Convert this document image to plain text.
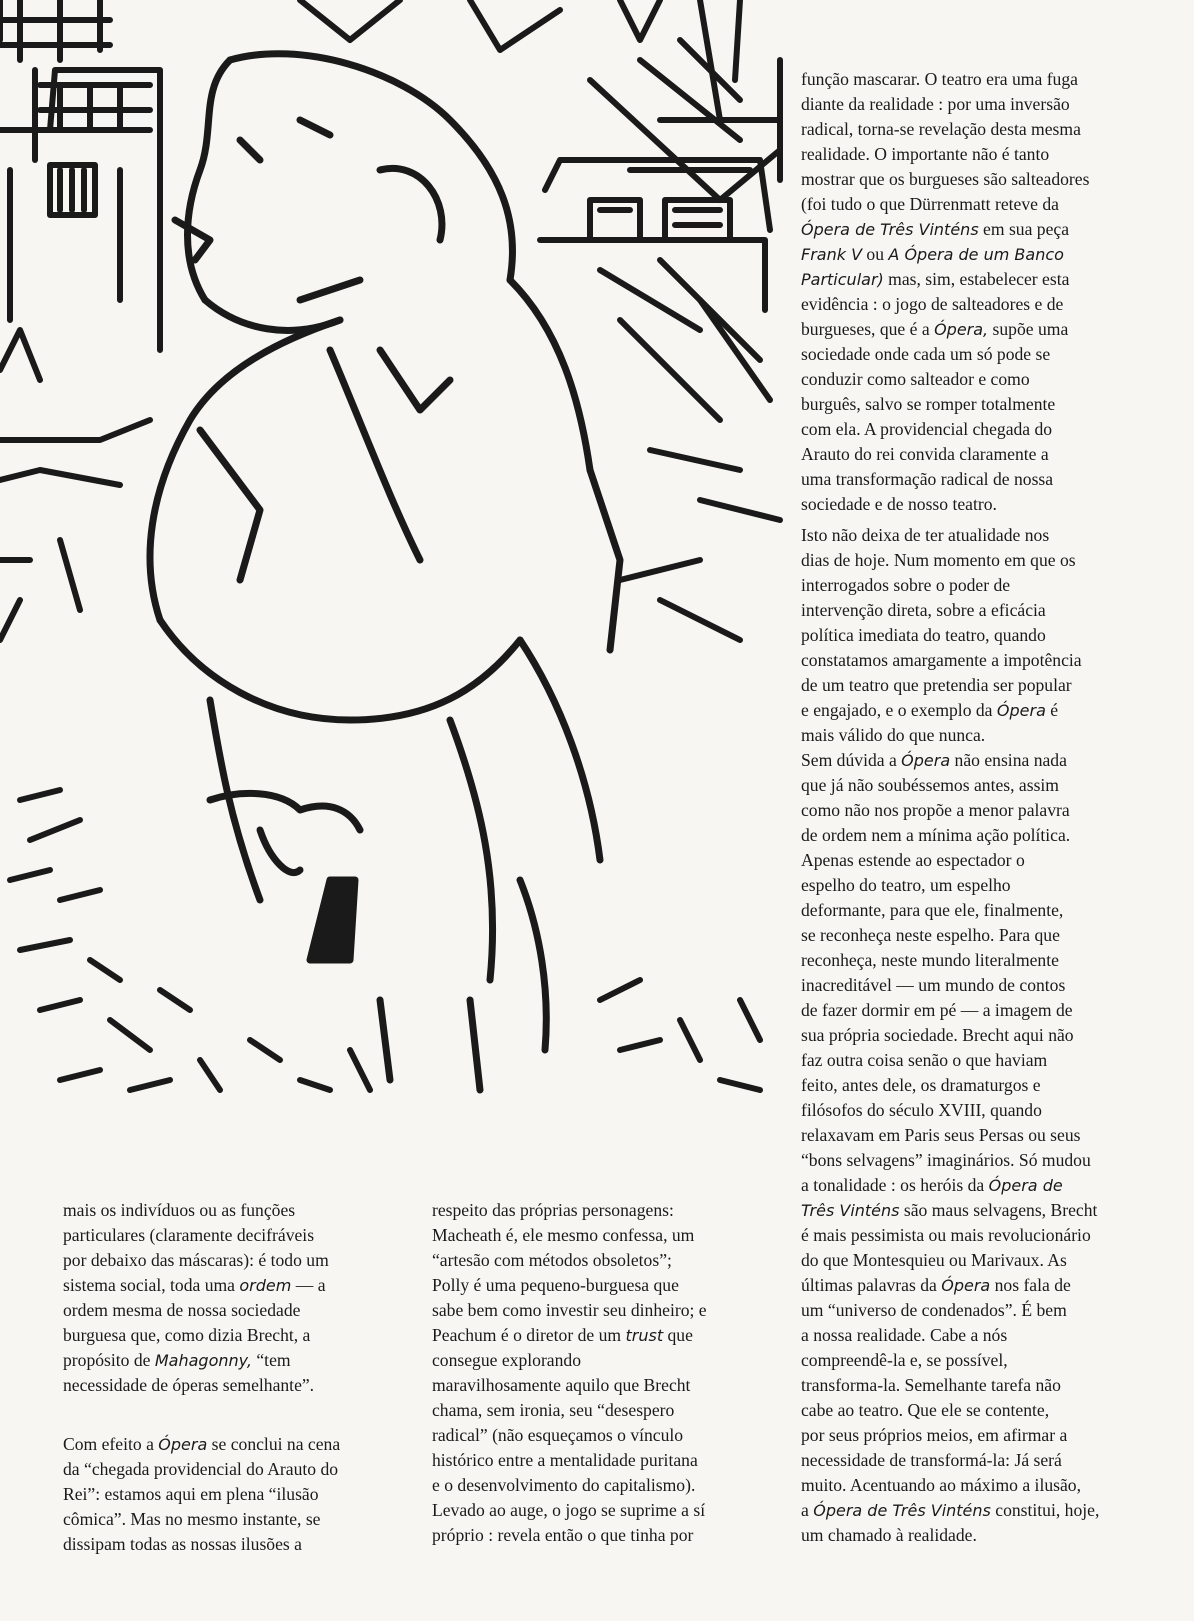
função mascarar. O teatro era uma fuga
diante da realidade : por uma inversão
radical, torna-se revelação desta mesma
realidade. O importante não é tanto
mostrar que os burgueses são salteadores
(foi tudo o que Dürrenmatt reteve da
Ópera de Três Vinténs em sua peça
Frank V ou A Ópera de um Banco
Particular) mas, sim, estabelecer esta
evidência : o jogo de salteadores e de
burgueses, que é a Ópera, supõe uma
sociedade onde cada um só pode se
conduzir como salteador e como
burguês, salvo se romper totalmente
com ela. A providencial chegada do
Arauto do rei convida claramente a
uma transformação radical de nossa
sociedade e de nosso teatro.

Isto não deixa de ter atualidade nos
dias de hoje. Num momento em que os
interrogados sobre o poder de
intervenção direta, sobre a eficácia
política imediata do teatro, quando
constatamos amargamente a impotência
de um teatro que pretendia ser popular
e engajado, e o exemplo da Ópera é
mais válido do que nunca.

Sem dúvida a Ópera não ensina nada
que já não soubéssemos antes, assim
como não nos propõe a menor palavra
de ordem nem a mínima ação política.
Apenas estende ao espectador o
espelho do teatro, um espelho
deformante, para que ele, finalmente,
se reconheça neste espelho. Para que
reconheça, neste mundo literalmente
inacreditável — um mundo de contos
de fazer dormir em pé — a imagem de
sua própria sociedade. Brecht aqui não
faz outra coisa senão o que haviam
feito, antes dele, os dramaturgos e
filósofos do século XVIII, quando
relaxavam em Paris seus Persas ou seus
“bons selvagens” imaginários. Só mudou
a tonalidade : os heróis da Ópera de
Três Vinténs são maus selvagens, Brecht
é mais pessimista ou mais revolucionário
do que Montesquieu ou Marivaux. As
últimas palavras da Ópera nos fala de
um “universo de condenados”. É bem
a nossa realidade. Cabe a nós
compreendê-la e, se possível,
transforma-la. Semelhante tarefa não
cabe ao teatro. Que ele se contente,
por seus próprios meios, em afirmar a
necessidade de transformá-la: Já será
muito. Acentuando ao máximo a ilusão,
a Ópera de Três Vinténs constitui, hoje,
um chamado à realidade.

mais os indivíduos ou as funções
particulares (claramente decifráveis
por debaixo das máscaras): é todo um
sistema social, toda uma ordem — a
ordem mesma de nossa sociedade
burguesa que, como dizia Brecht, a
propósito de Mahagonny, “tem
necessidade de óperas semelhante”.

Com efeito a Ópera se conclui na cena
da “chegada providencial do Arauto do
Rei”: estamos aqui em plena “ilusão
cômica”. Mas no mesmo instante, se
dissipam todas as nossas ilusões a

respeito das próprias personagens:
Macheath é, ele mesmo confessa, um
“artesão com métodos obsoletos”;
Polly é uma pequeno-burguesa que
sabe bem como investir seu dinheiro; e
Peachum é o diretor de um trust que
consegue explorando
maravilhosamente aquilo que Brecht
chama, sem ironia, seu “desespero
radical” (não esqueçamos o vínculo
histórico entre a mentalidade puritana
e o desenvolvimento do capitalismo).
Levado ao auge, o jogo se suprime a sí
próprio : revela então o que tinha por
